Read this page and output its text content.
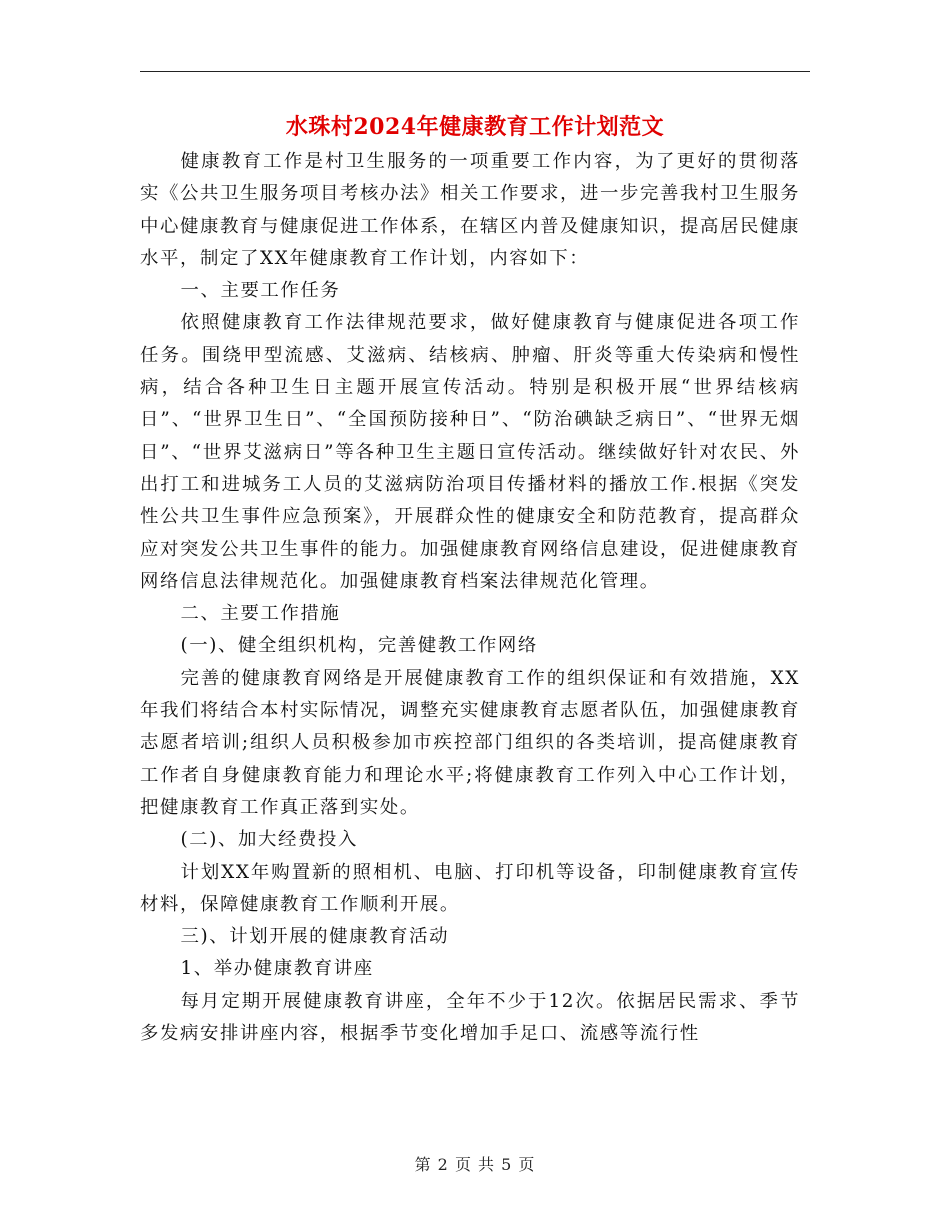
水珠村2024年健康教育工作计划范文

健康教育工作是村卫生服务的一项重要工作内容，为了更好的贯彻落实《公共卫生服务项目考核办法》相关工作要求，进一步完善我村卫生服务中心健康教育与健康促进工作体系，在辖区内普及健康知识，提高居民健康水平，制定了XX年健康教育工作计划，内容如下：

一、主要工作任务

依照健康教育工作法律规范要求，做好健康教育与健康促进各项工作任务。围绕甲型流感、艾滋病、结核病、肿瘤、肝炎等重大传染病和慢性病，结合各种卫生日主题开展宣传活动。特别是积极开展“世界结核病日”、“世界卫生日”、“全国预防接种日”、“防治碘缺乏病日”、“世界无烟日”、“世界艾滋病日”等各种卫生主题日宣传活动。继续做好针对农民、外出打工和进城务工人员的艾滋病防治项目传播材料的播放工作.根据《突发性公共卫生事件应急预案》，开展群众性的健康安全和防范教育，提高群众应对突发公共卫生事件的能力。加强健康教育网络信息建设，促进健康教育网络信息法律规范化。加强健康教育档案法律规范化管理。

二、主要工作措施

(一)、健全组织机构，完善健教工作网络

完善的健康教育网络是开展健康教育工作的组织保证和有效措施，XX年我们将结合本村实际情况，调整充实健康教育志愿者队伍，加强健康教育志愿者培训;组织人员积极参加市疾控部门组织的各类培训，提高健康教育工作者自身健康教育能力和理论水平;将健康教育工作列入中心工作计划，把健康教育工作真正落到实处。

(二)、加大经费投入

计划XX年购置新的照相机、电脑、打印机等设备，印制健康教育宣传材料，保障健康教育工作顺利开展。

三)、计划开展的健康教育活动

1、举办健康教育讲座

每月定期开展健康教育讲座，全年不少于12次。依据居民需求、季节多发病安排讲座内容，根据季节变化增加手足口、流感等流行性

第 2 页 共 5 页
